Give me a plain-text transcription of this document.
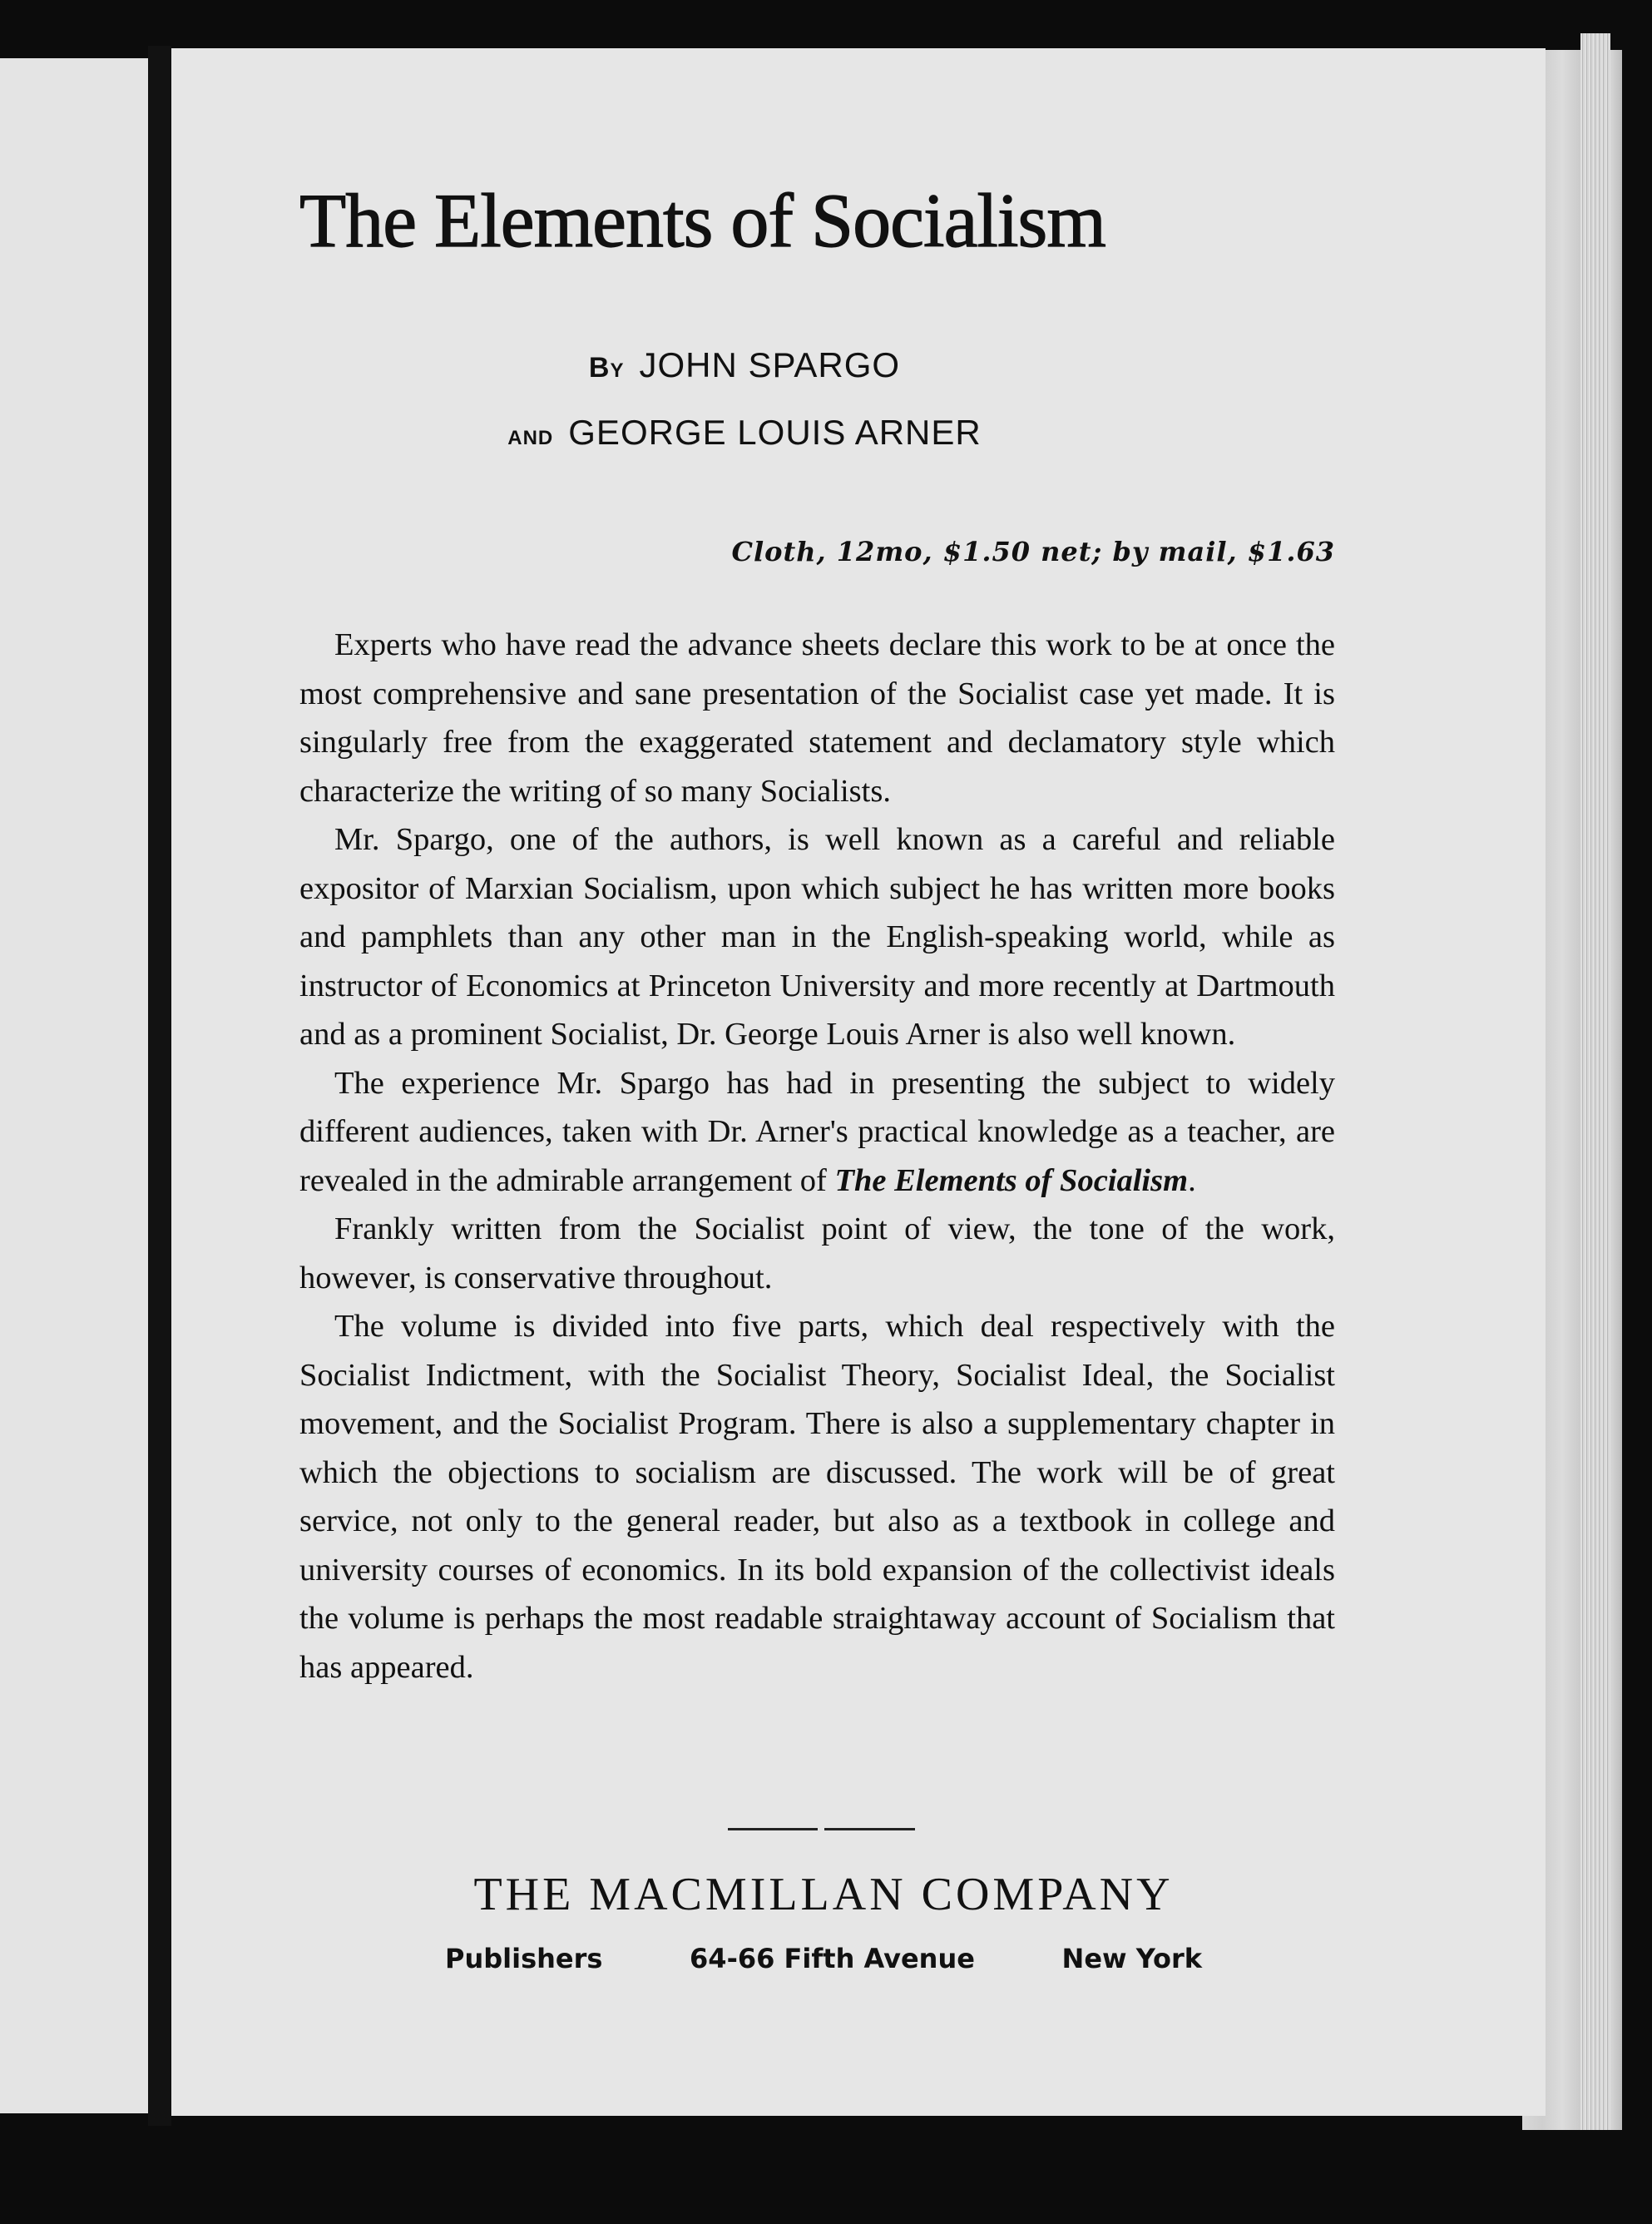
The Elements of Socialism
By JOHN SPARGO
and GEORGE LOUIS ARNER
Cloth, 12mo, $1.50 net; by mail, $1.63

Experts who have read the advance sheets declare this work to be at once the most comprehensive and sane presentation of the Socialist case yet made. It is singularly free from the exaggerated statement and declamatory style which characterize the writing of so many Socialists.

Mr. Spargo, one of the authors, is well known as a careful and reliable expositor of Marxian Socialism, upon which subject he has written more books and pamphlets than any other man in the English-speaking world, while as instructor of Economics at Princeton University and more recently at Dartmouth and as a prominent Socialist, Dr. George Louis Arner is also well known.

The experience Mr. Spargo has had in presenting the subject to widely different audiences, taken with Dr. Arner's practical knowledge as a teacher, are revealed in the admirable arrangement of The Elements of Socialism.

Frankly written from the Socialist point of view, the tone of the work, however, is conservative throughout.

The volume is divided into five parts, which deal respectively with the Socialist Indictment, with the Socialist Theory, Socialist Ideal, the Socialist movement, and the Socialist Program. There is also a supplementary chapter in which the objections to socialism are discussed. The work will be of great service, not only to the general reader, but also as a textbook in college and university courses of economics. In its bold expansion of the collectivist ideals the volume is perhaps the most readable straightaway account of Socialism that has appeared.

THE MACMILLAN COMPANY
Publishers	64-66 Fifth Avenue	New York
